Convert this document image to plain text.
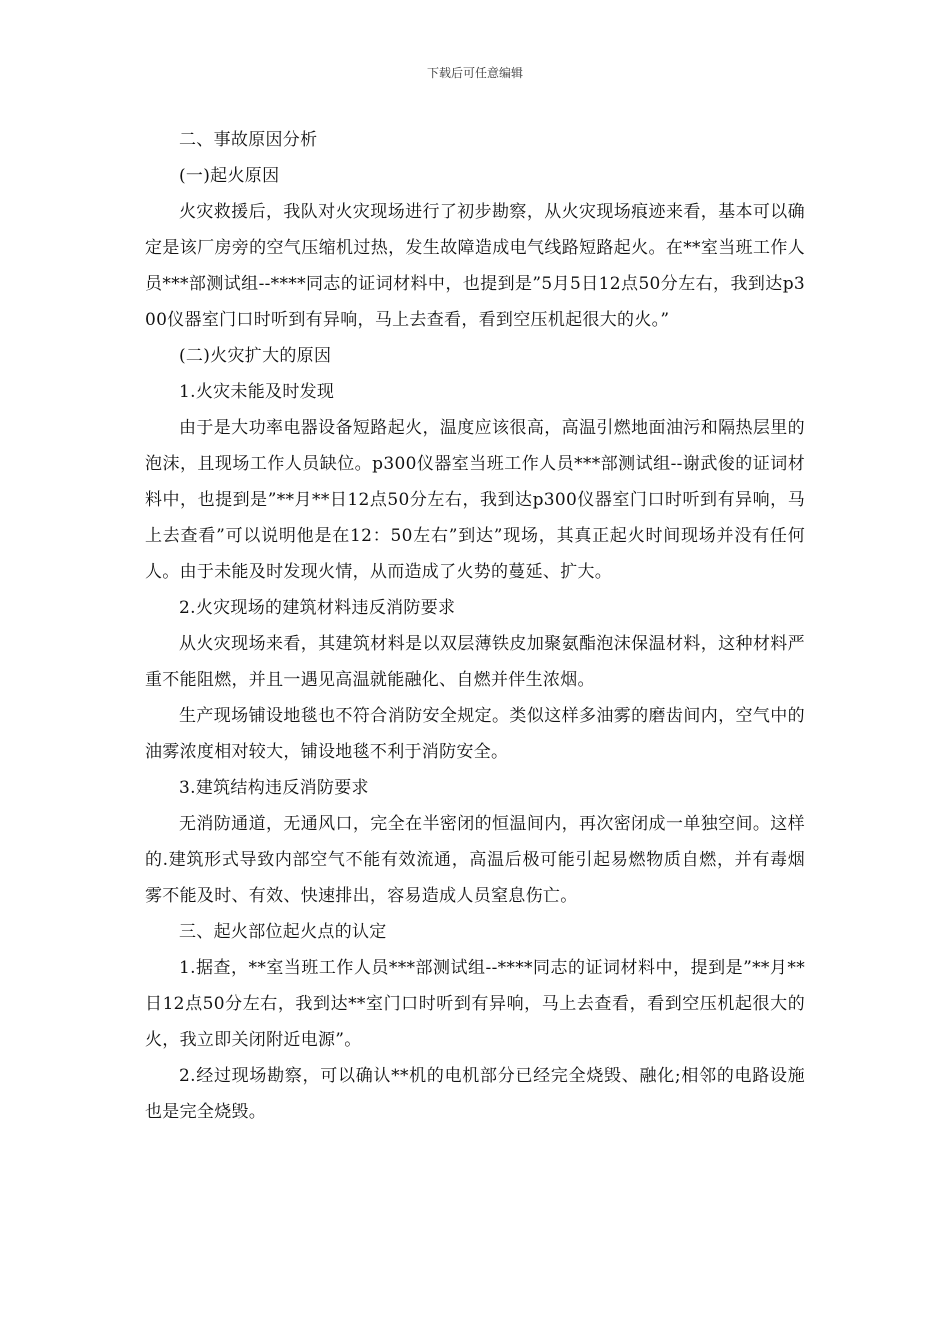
下载后可任意编辑

二、事故原因分析

(一)起火原因

火灾救援后，我队对火灾现场进行了初步勘察，从火灾现场痕迹来看，基本可以确定是该厂房旁的空气压缩机过热，发生故障造成电气线路短路起火。在**室当班工作人员***部测试组--****同志的证词材料中，也提到是”5月5日12点50分左右，我到达p300仪器室门口时听到有异响，马上去查看，看到空压机起很大的火。”

(二)火灾扩大的原因

1.火灾未能及时发现

由于是大功率电器设备短路起火，温度应该很高，高温引燃地面油污和隔热层里的泡沫，且现场工作人员缺位。p300仪器室当班工作人员***部测试组--谢武俊的证词材料中，也提到是”**月**日12点50分左右，我到达p300仪器室门口时听到有异响，马上去查看”可以说明他是在12：50左右”到达”现场，其真正起火时间现场并没有任何人。由于未能及时发现火情，从而造成了火势的蔓延、扩大。

2.火灾现场的建筑材料违反消防要求

从火灾现场来看，其建筑材料是以双层薄铁皮加聚氨酯泡沫保温材料，这种材料严重不能阻燃，并且一遇见高温就能融化、自燃并伴生浓烟。

生产现场铺设地毯也不符合消防安全规定。类似这样多油雾的磨齿间内，空气中的油雾浓度相对较大，铺设地毯不利于消防安全。

3.建筑结构违反消防要求

无消防通道，无通风口，完全在半密闭的恒温间内，再次密闭成一单独空间。这样的.建筑形式导致内部空气不能有效流通，高温后极可能引起易燃物质自燃，并有毒烟雾不能及时、有效、快速排出，容易造成人员窒息伤亡。

三、起火部位起火点的认定

1.据查，**室当班工作人员***部测试组--****同志的证词材料中，提到是”**月**日12点50分左右，我到达**室门口时听到有异响，马上去查看，看到空压机起很大的火，我立即关闭附近电源”。

2.经过现场勘察，可以确认**机的电机部分已经完全烧毁、融化;相邻的电路设施也是完全烧毁。
